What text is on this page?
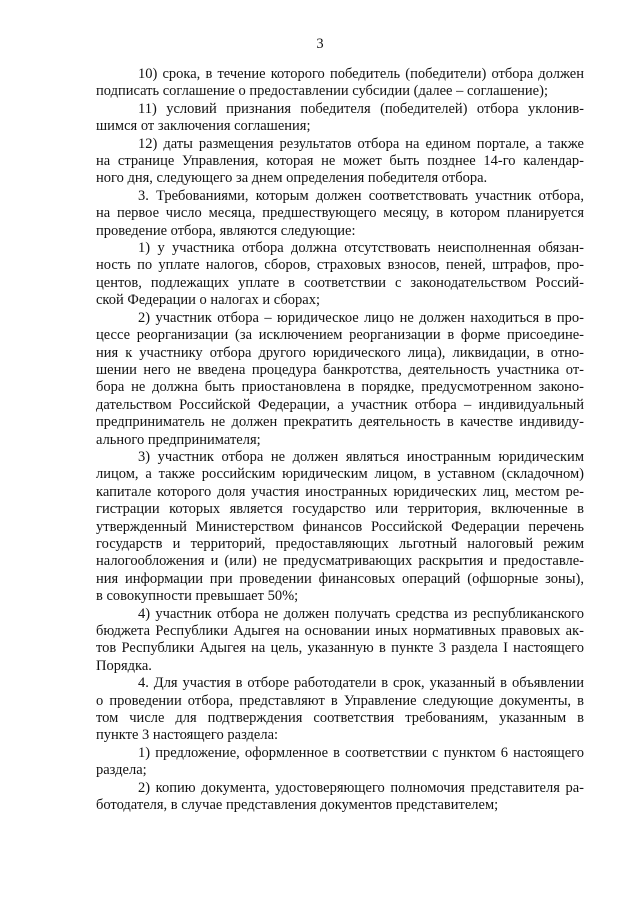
3

10) срока, в течение которого победитель (победители) отбора должен
подписать соглашение о предоставлении субсидии (далее – соглашение);

11) условий признания победителя (победителей) отбора уклонив-
шимся от заключения соглашения;

12) даты размещения результатов отбора на едином портале, а также
на странице Управления, которая не может быть позднее 14-го календар-
ного дня, следующего за днем определения победителя отбора.

3. Требованиями, которым должен соответствовать участник отбора,
на первое число месяца, предшествующего месяцу, в котором планируется
проведение отбора, являются следующие:

1) у участника отбора должна отсутствовать неисполненная обязан-
ность по уплате налогов, сборов, страховых взносов, пеней, штрафов, про-
центов, подлежащих уплате в соответствии с законодательством Россий-
ской Федерации о налогах и сборах;

2) участник отбора – юридическое лицо не должен находиться в про-
цессе реорганизации (за исключением реорганизации в форме присоедине-
ния к участнику отбора другого юридического лица), ликвидации, в отно-
шении него не введена процедура банкротства, деятельность участника от-
бора не должна быть приостановлена в порядке, предусмотренном законо-
дательством Российской Федерации, а участник отбора – индивидуальный
предприниматель не должен прекратить деятельность в качестве индивиду-
ального предпринимателя;

3) участник отбора не должен являться иностранным юридическим
лицом, а также российским юридическим лицом, в уставном (складочном)
капитале которого доля участия иностранных юридических лиц, местом ре-
гистрации которых является государство или территория, включенные в
утвержденный Министерством финансов Российской Федерации перечень
государств и территорий, предоставляющих льготный налоговый режим
налогообложения и (или) не предусматривающих раскрытия и предоставле-
ния информации при проведении финансовых операций (офшорные зоны),
в совокупности превышает 50%;

4) участник отбора не должен получать средства из республиканского
бюджета Республики Адыгея на основании иных нормативных правовых ак-
тов Республики Адыгея на цель, указанную в пункте 3 раздела I настоящего
Порядка.

4. Для участия в отборе работодатели в срок, указанный в объявлении
о проведении отбора, представляют в Управление следующие документы, в
том числе для подтверждения соответствия требованиям, указанным в
пункте 3 настоящего раздела:

1) предложение, оформленное в соответствии с пунктом 6 настоящего
раздела;

2) копию документа, удостоверяющего полномочия представителя ра-
ботодателя, в случае представления документов представителем;
